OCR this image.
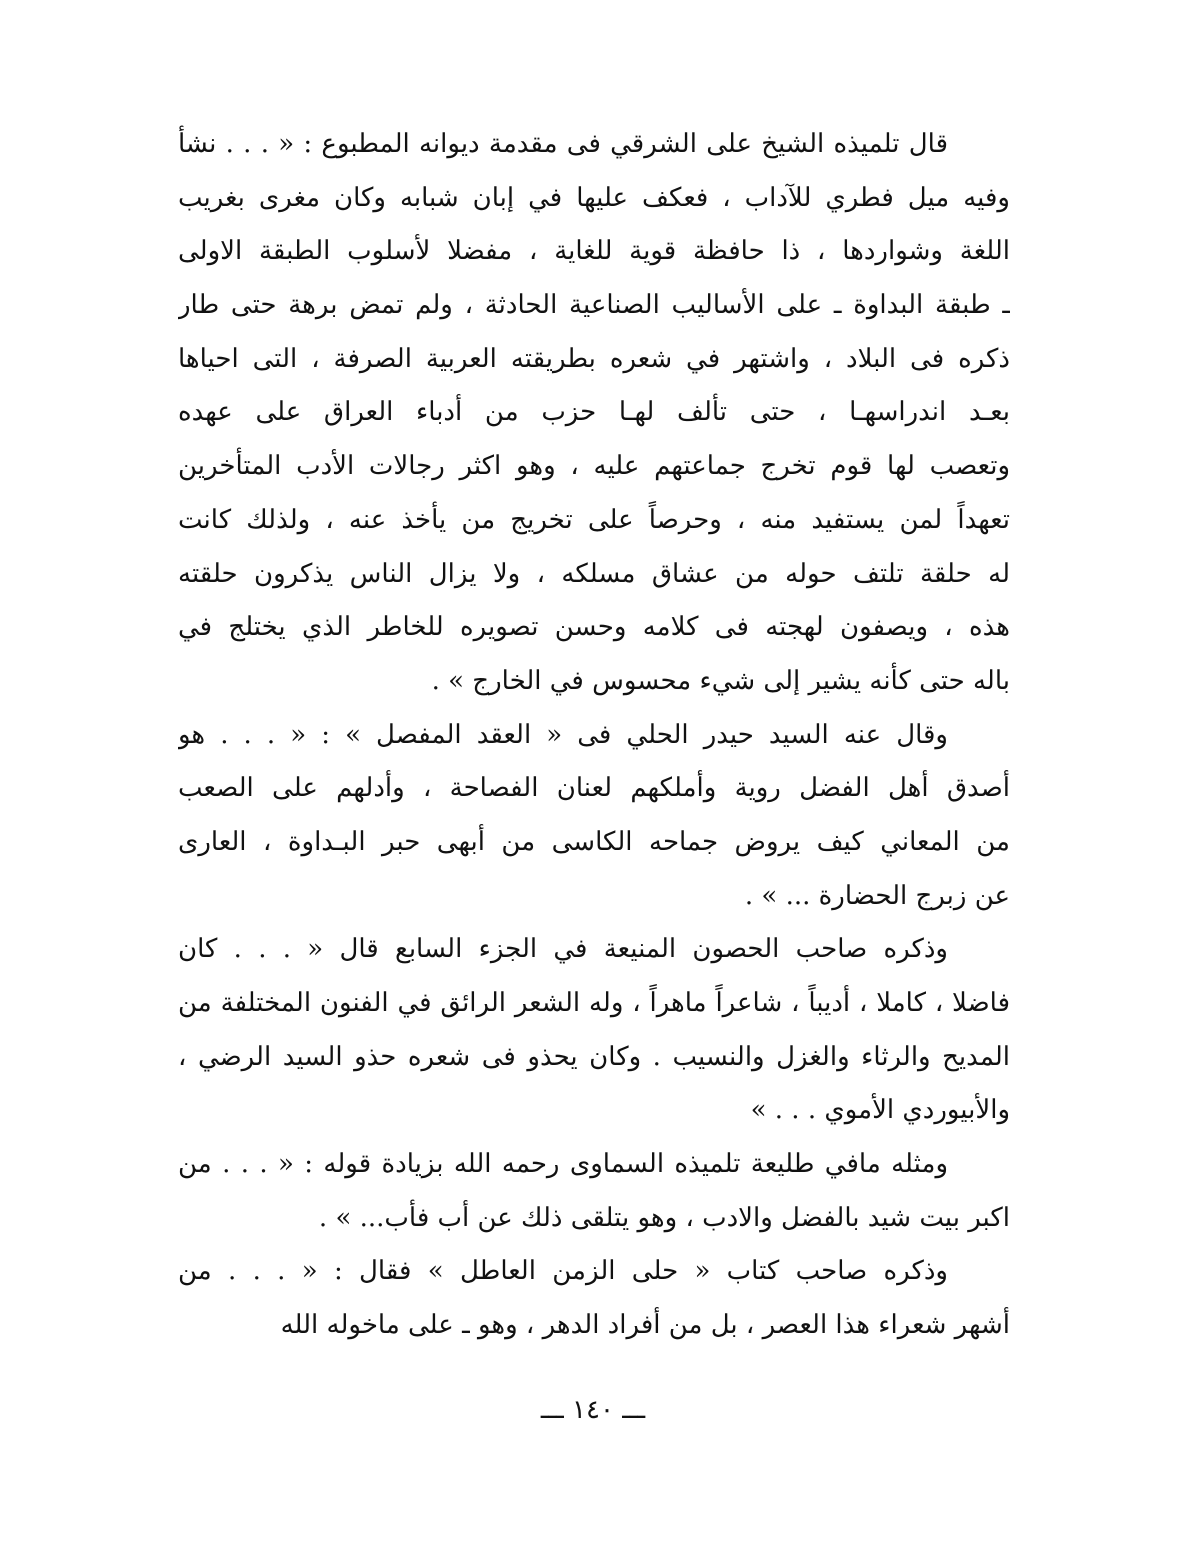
قال تلميذه الشيخ على الشرقي فى مقدمة ديوانه المطبوع : « . . . نشأ
وفيه ميل فطري للآداب ، فعكف عليها في إبان شبابه وكان مغرى بغريب
اللغة وشواردها ، ذا حافظة قوية للغاية ، مفضلا لأسلوب الطبقة الاولى
ـ طبقة البداوة ـ على الأساليب الصناعية الحادثة ، ولم تمض برهة حتى طار
ذكره فى البلاد ، واشتهر في شعره بطريقته العربية الصرفة ، التى احياها
بعـد اندراسهـا ، حتى تألف لهـا حزب من أدباء العراق على عهده
وتعصب لها قوم تخرج جماعتهم عليه ، وهو اكثر رجالات الأدب المتأخرين
تعهداً لمن يستفيد منه ، وحرصاً على تخريج من يأخذ عنه ، ولذلك كانت
له حلقة تلتف حوله من عشاق مسلكه ، ولا يزال الناس يذكرون حلقته
هذه ، ويصفون لهجته فى كلامه وحسن تصويره للخاطر الذي يختلج في
باله حتى كأنه يشير إلى شيء محسوس في الخارج » .
وقال عنه السيد حيدر الحلي فى « العقد المفصل » : « . . . هو
أصدق أهل الفضل روية وأملكهم لعنان الفصاحة ، وأدلهم على الصعب
من المعاني كيف يروض جماحه الكاسى من أبهى حبر البـداوة ، العارى
عن زبرج الحضارة ... » .
وذكره صاحب الحصون المنيعة في الجزء السابع قال « . . . كان
فاضلا ، كاملا ، أديباً ، شاعراً ماهراً ، وله الشعر الرائق في الفنون المختلفة من
المديح والرثاء والغزل والنسيب . وكان يحذو فى شعره حذو السيد الرضي ،
والأبيوردي الأموي . . . »
ومثله مافي طليعة تلميذه السماوى رحمه الله بزيادة قوله : « . . . من
اكبر بيت شيد بالفضل والادب ، وهو يتلقى ذلك عن أب فأب... » .
وذكره صاحب كتاب « حلى الزمن العاطل » فقال : « . . . من
أشهر شعراء هذا العصر ، بل من أفراد الدهر ، وهو ـ على ماخوله الله
ـــ ١٤٠ ـــ
